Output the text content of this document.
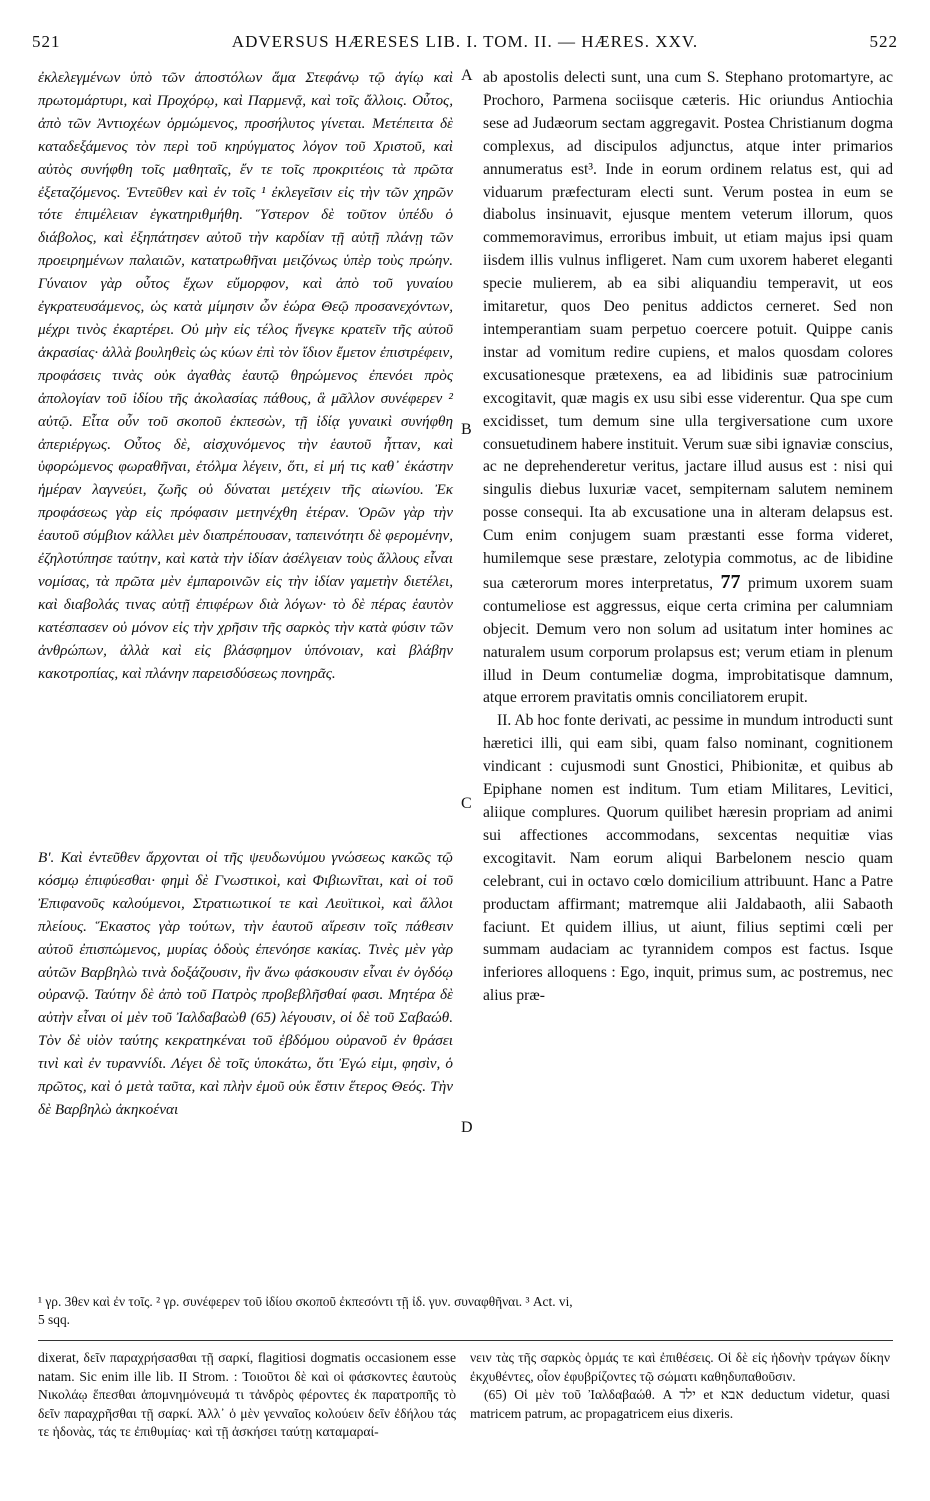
521	ADVERSUS HÆRESES LIB. I. TOM. II. — HÆRES. XXV.	522
A
B
C
D

ἐκλελεγμένων ὑπὸ τῶν ἀποστόλων ἅμα Στεφάνῳ τῷ ἁγίῳ καὶ πρωτομάρτυρι, καὶ Προχόρῳ, καὶ Παρμενᾷ, καὶ τοῖς ἄλλοις. Οὗτος, ἀπὸ τῶν Ἀντιοχέων ὁρμώμενος, προσήλυτος γίνεται. Μετέπειτα δὲ καταδεξάμενος τὸν περὶ τοῦ κηρύγματος λόγον τοῦ Χριστοῦ, καὶ αὐτὸς συνήφθη τοῖς μαθηταῖς, ἔν τε τοῖς προκριτέοις τὰ πρῶτα ἐξεταζόμενος. Ἐντεῦθεν καὶ ἐν τοῖς ¹ ἐκλεγεῖσιν εἰς τὴν τῶν χηρῶν τότε ἐπιμέλειαν ἐγκατηριθμήθη. Ὕστερον δὲ τοῦτον ὑπέδυ ὁ διάβολος, καὶ ἐξηπάτησεν αὐτοῦ τὴν καρδίαν τῇ αὐτῇ πλάνῃ τῶν προειρημένων παλαιῶν, κατατρωθῆναι μειζόνως ὑπὲρ τοὺς πρώην. Γύναιον γὰρ οὗτος ἔχων εὔμορφον, καὶ ἀπὸ τοῦ γυναίου ἐγκρατευσάμενος, ὡς κατὰ μίμησιν ὧν ἑώρα Θεῷ προσανεχόντων, μέχρι τινὸς ἐκαρτέρει. Οὐ μὴν εἰς τέλος ἤνεγκε κρατεῖν τῆς αὑτοῦ ἀκρασίας· ἀλλὰ βουληθεὶς ὡς κύων ἐπὶ τὸν ἴδιον ἔμετον ἐπιστρέφειν, προφάσεις τινὰς οὐκ ἀγαθὰς ἑαυτῷ θηρώμενος ἐπενόει πρὸς ἀπολογίαν τοῦ ἰδίου τῆς ἀκολασίας πάθους, ἃ μᾶλλον συνέφερεν ² αὐτῷ. Εἶτα οὖν τοῦ σκοποῦ ἐκπεσὼν, τῇ ἰδίᾳ γυναικὶ συνήφθη ἀπεριέργως. Οὗτος δὲ, αἰσχυνόμενος τὴν ἑαυτοῦ ἧτταν, καὶ ὑφορώμενος φωραθῆναι, ἐτόλμα λέγειν, ὅτι, εἰ μή τις καθ᾽ ἑκάστην ἡμέραν λαγνεύει, ζωῆς οὐ δύναται μετέχειν τῆς αἰωνίου. Ἐκ προφάσεως γὰρ εἰς πρόφασιν μετηνέχθη ἑτέραν. Ὁρῶν γὰρ τὴν ἑαυτοῦ σύμβιον κάλλει μὲν διαπρέπουσαν, ταπεινότητι δὲ φερομένην, ἐζηλοτύπησε ταύτην, καὶ κατὰ τὴν ἰδίαν ἀσέλγειαν τοὺς ἄλλους εἶναι νομίσας, τὰ πρῶτα μὲν ἐμπαροινῶν εἰς τὴν ἰδίαν γαμετὴν διετέλει, καὶ διαβολάς τινας αὐτῇ ἐπιφέρων διὰ λόγων· τὸ δὲ πέρας ἑαυτὸν κατέσπασεν οὐ μόνον εἰς τὴν χρῆσιν τῆς σαρκὸς τὴν κατὰ φύσιν τῶν ἀνθρώπων, ἀλλὰ καὶ εἰς βλάσφημον ὑπόνοιαν, καὶ βλάβην κακοτροπίας, καὶ πλάνην παρεισδύσεως πονηρᾶς.

Β'. Καὶ ἐντεῦθεν ἄρχονται οἱ τῆς ψευδωνύμου γνώσεως κακῶς τῷ κόσμῳ ἐπιφύεσθαι· φημὶ δὲ Γνωστικοὶ, καὶ Φιβιωνῖται, καὶ οἱ τοῦ Ἐπιφανοῦς καλούμενοι, Στρατιωτικοί τε καὶ Λευϊτικοὶ, καὶ ἄλλοι πλείους. Ἕκαστος γὰρ τούτων, τὴν ἑαυτοῦ αἵρεσιν τοῖς πάθεσιν αὐτοῦ ἐπισπώμενος, μυρίας ὁδοὺς ἐπενόησε κακίας. Τινὲς μὲν γὰρ αὐτῶν Βαρβηλὼ τινὰ δοξάζουσιν, ἣν ἄνω φάσκουσιν εἶναι ἐν ὀγδόῳ οὐρανῷ. Ταύτην δὲ ἀπὸ τοῦ Πατρὸς προβεβλῆσθαί φασι. Μητέρα δὲ αὐτὴν εἶναι οἱ μὲν τοῦ Ἰαλδαβαὼθ (65) λέγουσιν, οἱ δὲ τοῦ Σαβαώθ. Τὸν δὲ υἱὸν ταύτης κεκρατηκέναι τοῦ ἑβδόμου οὐρανοῦ ἐν θράσει τινὶ καὶ ἐν τυραννίδι. Λέγει δὲ τοῖς ὑποκάτω, ὅτι Ἐγώ εἰμι, φησὶν, ὁ πρῶτος, καὶ ὁ μετὰ ταῦτα, καὶ πλὴν ἐμοῦ οὐκ ἔστιν ἕτερος Θεός. Τὴν δὲ Βαρβηλὼ ἀκηκοέναι

ab apostolis delecti sunt, una cum S. Stephano protomartyre, ac Prochoro, Parmena sociisque cæteris. Hic oriundus Antiochia sese ad Judæorum sectam aggregavit. Postea Christianum dogma complexus, ad discipulos adjunctus, atque inter primarios annumeratus est³. Inde in eorum ordinem relatus est, qui ad viduarum præfecturam electi sunt. Verum postea in eum se diabolus insinuavit, ejusque mentem veterum illorum, quos commemoravimus, erroribus imbuit, ut etiam majus ipsi quam iisdem illis vulnus infligeret. Nam cum uxorem haberet eleganti specie mulierem, ab ea sibi aliquandiu temperavit, ut eos imitaretur, quos Deo penitus addictos cerneret. Sed non intemperantiam suam perpetuo coercere potuit. Quippe canis instar ad vomitum redire cupiens, et malos quosdam colores excusationesque prætexens, ea ad libidinis suæ patrocinium excogitavit, quæ magis ex usu sibi esse viderentur. Qua spe cum excidisset, tum demum sine ulla tergiversatione cum uxore consuetudinem habere instituit. Verum suæ sibi ignaviæ conscius, ac ne deprehenderetur veritus, jactare illud ausus est : nisi qui singulis diebus luxuriæ vacet, sempiternam salutem neminem posse consequi. Ita ab excusatione una in alteram delapsus est. Cum enim conjugem suam præstanti esse forma videret, humilemque sese præstare, zelotypia commotus, ac de libidine sua cæterorum mores interpretatus, 77 primum uxorem suam contumeliose est aggressus, eique certa crimina per calumniam objecit. Demum vero non solum ad usitatum inter homines ac naturalem usum corporum prolapsus est; verum etiam in plenum illud in Deum contumeliæ dogma, improbitatisque damnum, atque errorem pravitatis omnis conciliatorem erupit.

II. Ab hoc fonte derivati, ac pessime in mundum introducti sunt hæretici illi, qui eam sibi, quam falso nominant, cognitionem vindicant : cujusmodi sunt Gnostici, Phibionitæ, et quibus ab Epiphane nomen est inditum. Tum etiam Militares, Levitici, aliique complures. Quorum quilibet hæresin propriam ad animi sui affectiones accommodans, sexcentas nequitiæ vias excogitavit. Nam eorum aliqui Barbelonem nescio quam celebrant, cui in octavo cœlo domicilium attribuunt. Hanc a Patre productam affirmant; matremque alii Jaldabaoth, alii Sabaoth faciunt. Et quidem illius, ut aiunt, filius septimi cœli per summam audaciam ac tyrannidem compos est factus. Isque inferiores alloquens : Ego, inquit, primus sum, ac postremus, nec alius præ-

¹ γρ. 3θεν καὶ ἐν τοῖς. ² γρ. συνέφερεν τοῦ ἰδίου σκοποῦ ἐκπεσόντι τῇ ἰδ. γυν. συναφθῆναι. ³ Act. vi,
5 sqq.

dixerat, δεῖν παραχρήσασθαι τῇ σαρκί, flagitiosi dogmatis occasionem esse natam. Sic enim ille lib. II Strom. : Τοιοῦτοι δὲ καὶ οἱ φάσκοντες ἑαυτοὺς Νικολάῳ ἕπεσθαι ἀπομνημόνευμά τι τἀνδρὸς φέροντες ἐκ παρατροπῆς τὸ δεῖν παραχρῆσθαι τῇ σαρκί. Ἀλλ᾽ ὁ μὲν γενναῖος κολούειν δεῖν ἐδήλου τάς τε ἡδονὰς, τάς τε ἐπιθυμίας· καὶ τῇ ἀσκήσει ταύτῃ καταμαραί-

νειν τὰς τῆς σαρκὸς ὁρμάς τε καὶ ἐπιθέσεις. Οἱ δὲ εἰς ἡδονὴν τράγων δίκην ἐκχυθέντες, οἷον ἐφυβρίζοντες τῷ σώματι καθηδυπαθοῦσιν.

(65) Οἱ μὲν τοῦ Ἰαλδαβαώθ. A ילד et אבא deductum videtur, quasi matricem patrum, ac propagatricem eius dixeris.
